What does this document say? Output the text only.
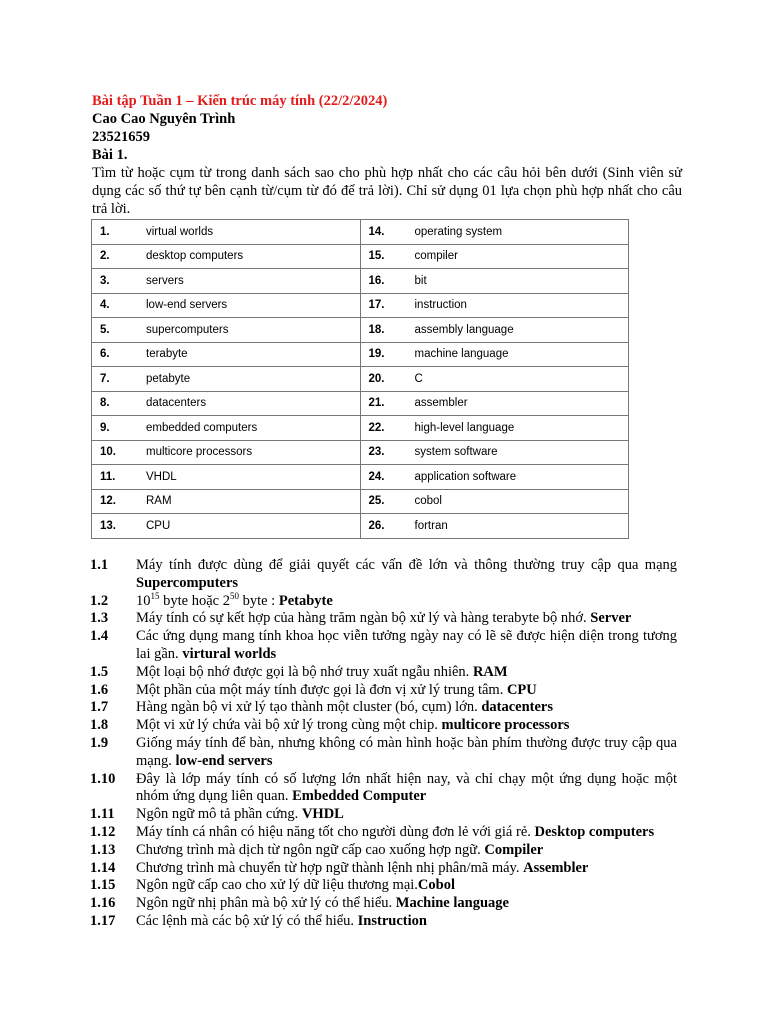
Bài tập Tuần 1 – Kiến trúc máy tính (22/2/2024)
Cao Cao Nguyên Trình
23521659
Bài 1.
Tìm từ hoặc cụm từ trong danh sách sao cho phù hợp nhất cho các câu hỏi bên dưới (Sinh viên sử dụng các số thứ tự bên cạnh từ/cụm từ đó để trả lời). Chỉ sử dụng 01 lựa chọn phù hợp nhất cho câu trả lời.
1. virtual worlds	14. operating system
2. desktop computers	15. compiler
3. servers	16. bit
4. low-end servers	17. instruction
5. supercomputers	18. assembly language
6. terabyte	19. machine language
7. petabyte	20. C
8. datacenters	21. assembler
9. embedded computers	22. high-level language
10. multicore processors	23. system software
11. VHDL	24. application software
12. RAM	25. cobol
13. CPU	26. fortran
1.1	Máy tính được dùng để giải quyết các vấn đề lớn và thông thường truy cập qua mạng Supercomputers
1.2	$10^{15}$ byte hoặc $2^{50}$ byte : Petabyte
1.3	Máy tính có sự kết hợp của hàng trăm ngàn bộ xử lý và hàng terabyte bộ nhớ. Server
1.4	Các ứng dụng mang tính khoa học viễn tưởng ngày nay có lẽ sẽ được hiện diện trong tương lai gần. virtural worlds
1.5	Một loại bộ nhớ được gọi là bộ nhớ truy xuất ngẫu nhiên. RAM
1.6	Một phần của một máy tính được gọi là đơn vị xử lý trung tâm. CPU
1.7	Hàng ngàn bộ vi xử lý tạo thành một cluster (bó, cụm) lớn. datacenters
1.8	Một vi xử lý chứa vài bộ xử lý trong cùng một chip. multicore processors
1.9	Giống máy tính để bàn, nhưng không có màn hình hoặc bàn phím thường được truy cập qua mạng. low-end servers
1.10	Đây là lớp máy tính có số lượng lớn nhất hiện nay, và chỉ chạy một ứng dụng hoặc một nhóm ứng dụng liên quan. Embedded Computer
1.11	Ngôn ngữ mô tả phần cứng. VHDL
1.12	Máy tính cá nhân có hiệu năng tốt cho người dùng đơn lẻ với giá rẻ. Desktop computers
1.13	Chương trình mà dịch từ ngôn ngữ cấp cao xuống hợp ngữ. Compiler
1.14	Chương trình mà chuyển từ hợp ngữ thành lệnh nhị phân/mã máy. Assembler
1.15	Ngôn ngữ cấp cao cho xử lý dữ liệu thương mại.Cobol
1.16	Ngôn ngữ nhị phân mà bộ xử lý có thể hiểu. Machine language
1.17	Các lệnh mà các bộ xử lý có thể hiểu. Instruction
